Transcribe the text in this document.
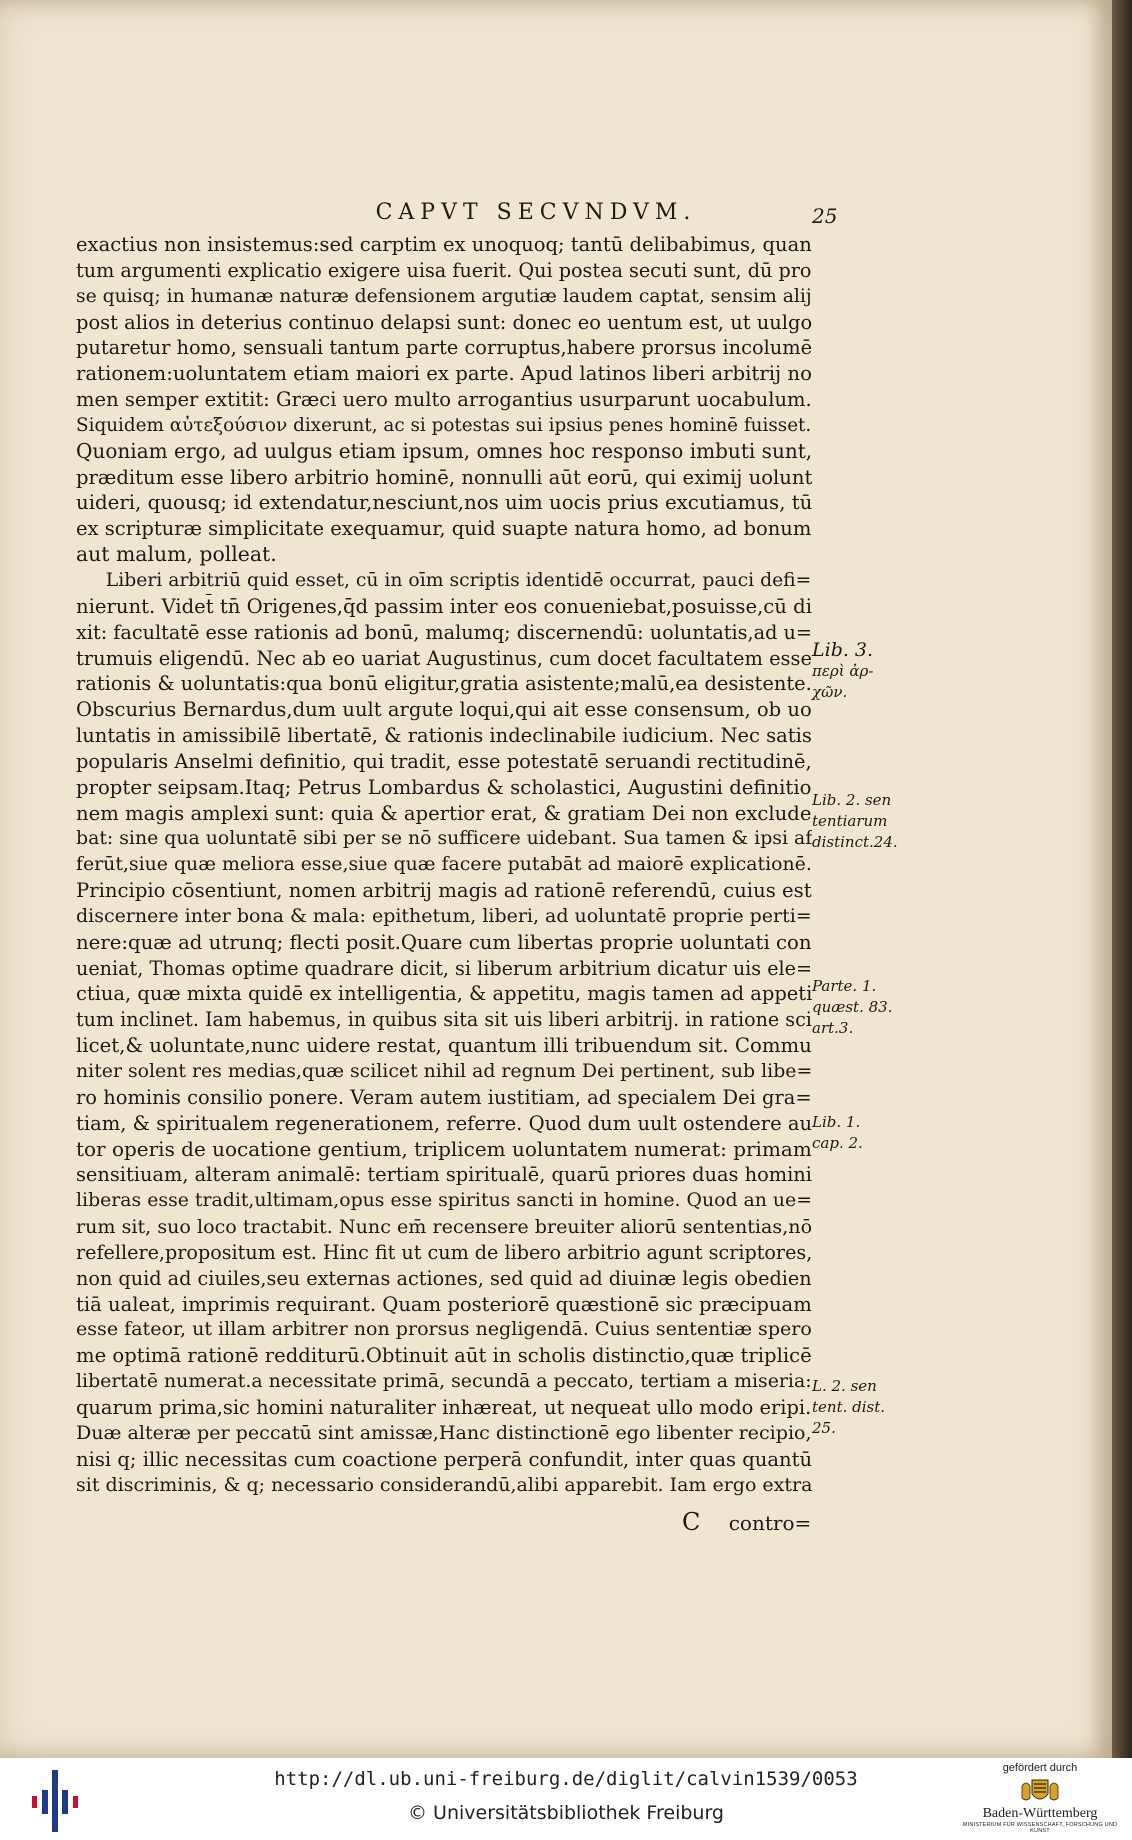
CAPVT SECVNDVM.	25
exactius non insistemus:sed carptim ex unoquoq; tantū delibabimus, quan
tum argumenti explicatio exigere uisa fuerit. Qui postea secuti sunt, dū pro
se quisq; in humanæ naturæ defensionem argutiæ laudem captat, sensim alij
post alios in deterius continuo delapsi sunt: donec eo uentum est, ut uulgo
putaretur homo, sensuali tantum parte corruptus,habere prorsus incolumē
rationem:uoluntatem etiam maiori ex parte. Apud latinos liberi arbitrij no
men semper extitit: Græci uero multo arrogantius usurparunt uocabulum.
Siquidem αὐτεξούσιον dixerunt, ac si potestas sui ipsius penes hominē fuisset.
Quoniam ergo, ad uulgus etiam ipsum, omnes hoc responso imbuti sunt,
præditum esse libero arbitrio hominē, nonnulli aūt eorū, qui eximij uolunt
uideri, quousq; id extendatur,nesciunt,nos uim uocis prius excutiamus, tū
ex scripturæ simplicitate exequamur, quid suapte natura homo, ad bonum
aut malum, polleat.
Liberi arbitriū quid esset, cū in oīm scriptis identidē occurrat, pauci defi=
nierunt. Videt̄ tn̄ Origenes,q̄d passim inter eos conueniebat,posuisse,cū di
xit: facultatē esse rationis ad bonū, malumq; discernendū: uoluntatis,ad u=
trumuis eligendū. Nec ab eo uariat Augustinus, cum docet facultatem esse
rationis & uoluntatis:qua bonū eligitur,gratia asistente;malū,ea desistente.
Obscurius Bernardus,dum uult argute loqui,qui ait esse consensum, ob uo
luntatis in amissibilē libertatē, & rationis indeclinabile iudicium. Nec satis
popularis Anselmi definitio, qui tradit, esse potestatē seruandi rectitudinē,
propter seipsam.Itaq; Petrus Lombardus & scholastici, Augustini definitio
nem magis amplexi sunt: quia & apertior erat, & gratiam Dei non exclude
bat: sine qua uoluntatē sibi per se nō sufficere uidebant. Sua tamen & ipsi af
ferūt,siue quæ meliora esse,siue quæ facere putabāt ad maiorē explicationē.
Principio cōsentiunt, nomen arbitrij magis ad rationē referendū, cuius est
discernere inter bona & mala: epithetum, liberi, ad uoluntatē proprie perti=
nere:quæ ad utrunq; flecti posit.Quare cum libertas proprie uoluntati con
ueniat, Thomas optime quadrare dicit, si liberum arbitrium dicatur uis ele=
ctiua, quæ mixta quidē ex intelligentia, & appetitu, magis tamen ad appeti
tum inclinet. Iam habemus, in quibus sita sit uis liberi arbitrij. in ratione sci
licet,& uoluntate,nunc uidere restat, quantum illi tribuendum sit. Commu
niter solent res medias,quæ scilicet nihil ad regnum Dei pertinent, sub libe=
ro hominis consilio ponere. Veram autem iustitiam, ad specialem Dei gra=
tiam, & spiritualem regenerationem, referre. Quod dum uult ostendere au
tor operis de uocatione gentium, triplicem uoluntatem numerat: primam
sensitiuam, alteram animalē: tertiam spiritualē, quarū priores duas homini
liberas esse tradit,ultimam,opus esse spiritus sancti in homine. Quod an ue=
rum sit, suo loco tractabit. Nunc em̄ recensere breuiter aliorū sententias,nō
refellere,propositum est. Hinc fit ut cum de libero arbitrio agunt scriptores,
non quid ad ciuiles,seu externas actiones, sed quid ad diuinæ legis obedien
tiā ualeat, imprimis requirant. Quam posteriorē quæstionē sic præcipuam
esse fateor, ut illam arbitrer non prorsus negligendā. Cuius sententiæ spero
me optimā rationē redditurū.Obtinuit aūt in scholis distinctio,quæ triplicē
libertatē numerat.a necessitate primā, secundā a peccato, tertiam a miseria:
quarum prima,sic homini naturaliter inhæreat, ut nequeat ullo modo eripi.
Duæ alteræ per peccatū sint amissæ,Hanc distinctionē ego libenter recipio,
nisi q; illic necessitas cum coactione perperā confundit, inter quas quantū
sit discriminis, & q; necessario considerandū,alibi apparebit. Iam ergo extra
C contro=
Lib. 3.
περὶ ἀρ-
χῶν.
Lib. 2. sen
tentiarum
distinct.24.
Parte. 1.
quæst. 83.
art.3.
Lib. 1.
cap. 2.
L. 2. sen
tent. dist.
25.
http://dl.ub.uni-freiburg.de/diglit/calvin1539/0053
© Universitätsbibliothek Freiburg
gefördert durch
Baden-Württemberg
MINISTERIUM FÜR WISSENSCHAFT, FORSCHUNG UND KUNST
